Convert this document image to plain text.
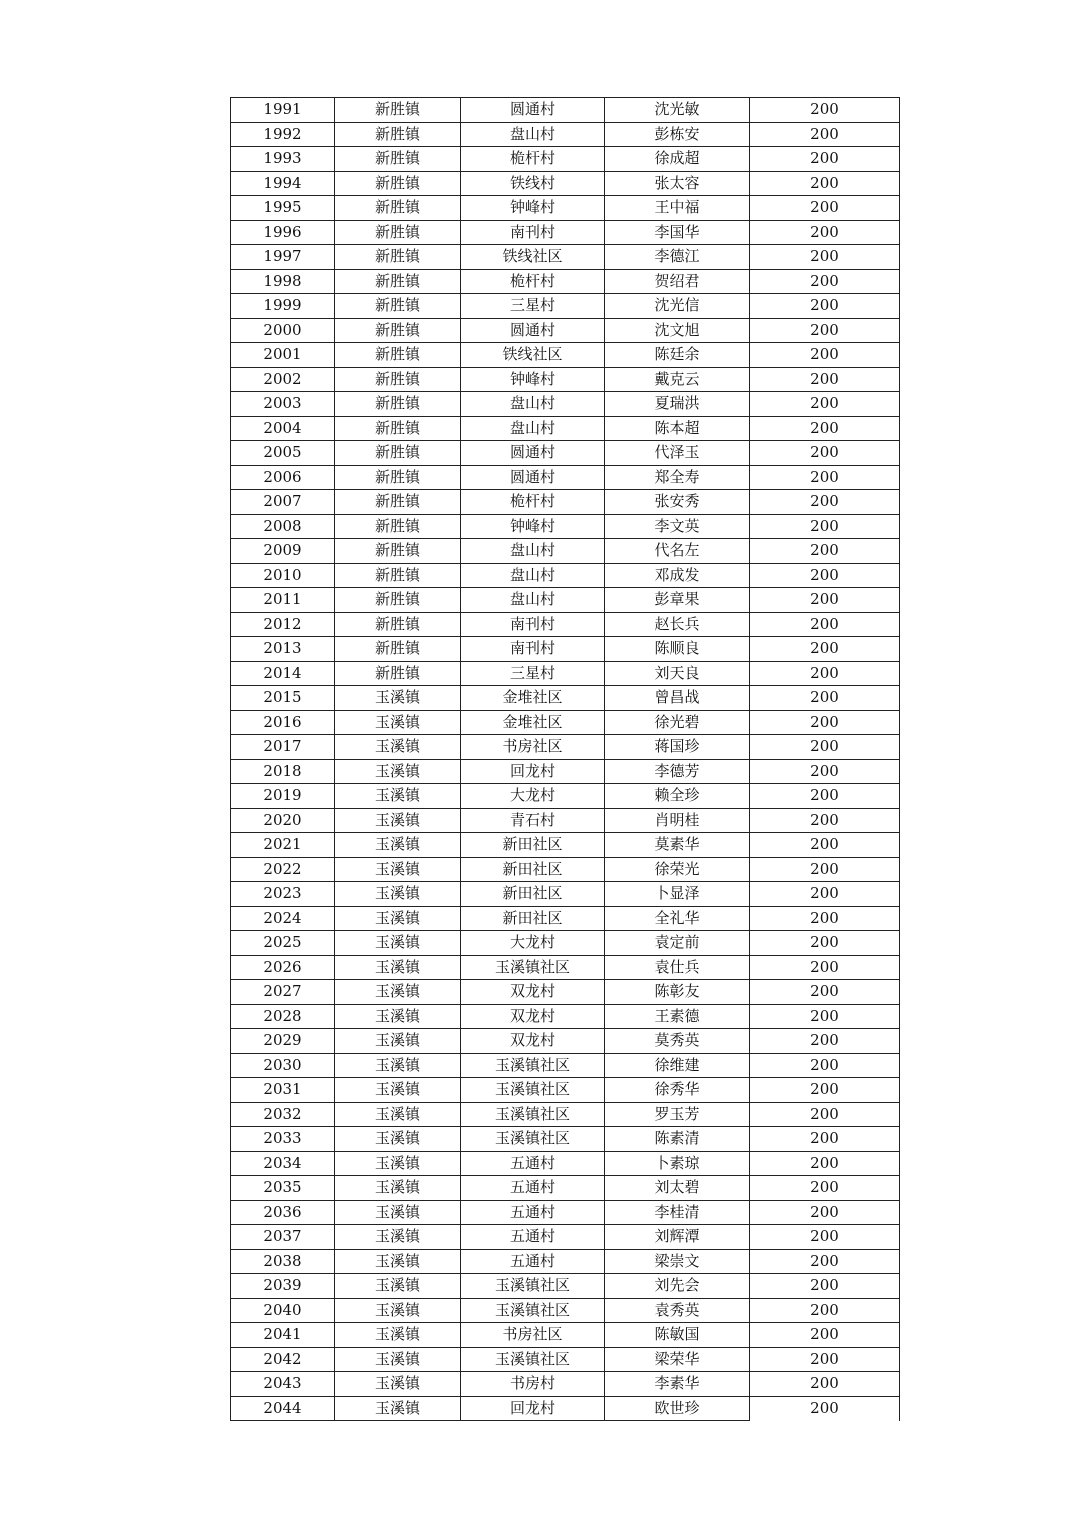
1991	新胜镇	圆通村	沈光敏	200
1992	新胜镇	盘山村	彭栋安	200
1993	新胜镇	桅杆村	徐成超	200
1994	新胜镇	铁线村	张太容	200
1995	新胜镇	钟峰村	王中福	200
1996	新胜镇	南刊村	李国华	200
1997	新胜镇	铁线社区	李德江	200
1998	新胜镇	桅杆村	贺绍君	200
1999	新胜镇	三星村	沈光信	200
2000	新胜镇	圆通村	沈文旭	200
2001	新胜镇	铁线社区	陈廷余	200
2002	新胜镇	钟峰村	戴克云	200
2003	新胜镇	盘山村	夏瑞洪	200
2004	新胜镇	盘山村	陈本超	200
2005	新胜镇	圆通村	代泽玉	200
2006	新胜镇	圆通村	郑全寿	200
2007	新胜镇	桅杆村	张安秀	200
2008	新胜镇	钟峰村	李文英	200
2009	新胜镇	盘山村	代名左	200
2010	新胜镇	盘山村	邓成发	200
2011	新胜镇	盘山村	彭章果	200
2012	新胜镇	南刊村	赵长兵	200
2013	新胜镇	南刊村	陈顺良	200
2014	新胜镇	三星村	刘天良	200
2015	玉溪镇	金堆社区	曾昌战	200
2016	玉溪镇	金堆社区	徐光碧	200
2017	玉溪镇	书房社区	蒋国珍	200
2018	玉溪镇	回龙村	李德芳	200
2019	玉溪镇	大龙村	赖全珍	200
2020	玉溪镇	青石村	肖明桂	200
2021	玉溪镇	新田社区	莫素华	200
2022	玉溪镇	新田社区	徐荣光	200
2023	玉溪镇	新田社区	卜显泽	200
2024	玉溪镇	新田社区	全礼华	200
2025	玉溪镇	大龙村	袁定前	200
2026	玉溪镇	玉溪镇社区	袁仕兵	200
2027	玉溪镇	双龙村	陈彰友	200
2028	玉溪镇	双龙村	王素德	200
2029	玉溪镇	双龙村	莫秀英	200
2030	玉溪镇	玉溪镇社区	徐维建	200
2031	玉溪镇	玉溪镇社区	徐秀华	200
2032	玉溪镇	玉溪镇社区	罗玉芳	200
2033	玉溪镇	玉溪镇社区	陈素清	200
2034	玉溪镇	五通村	卜素琼	200
2035	玉溪镇	五通村	刘太碧	200
2036	玉溪镇	五通村	李桂清	200
2037	玉溪镇	五通村	刘辉潭	200
2038	玉溪镇	五通村	梁崇文	200
2039	玉溪镇	玉溪镇社区	刘先会	200
2040	玉溪镇	玉溪镇社区	袁秀英	200
2041	玉溪镇	书房社区	陈敏国	200
2042	玉溪镇	玉溪镇社区	梁荣华	200
2043	玉溪镇	书房村	李素华	200
2044	玉溪镇	回龙村	欧世珍	200
